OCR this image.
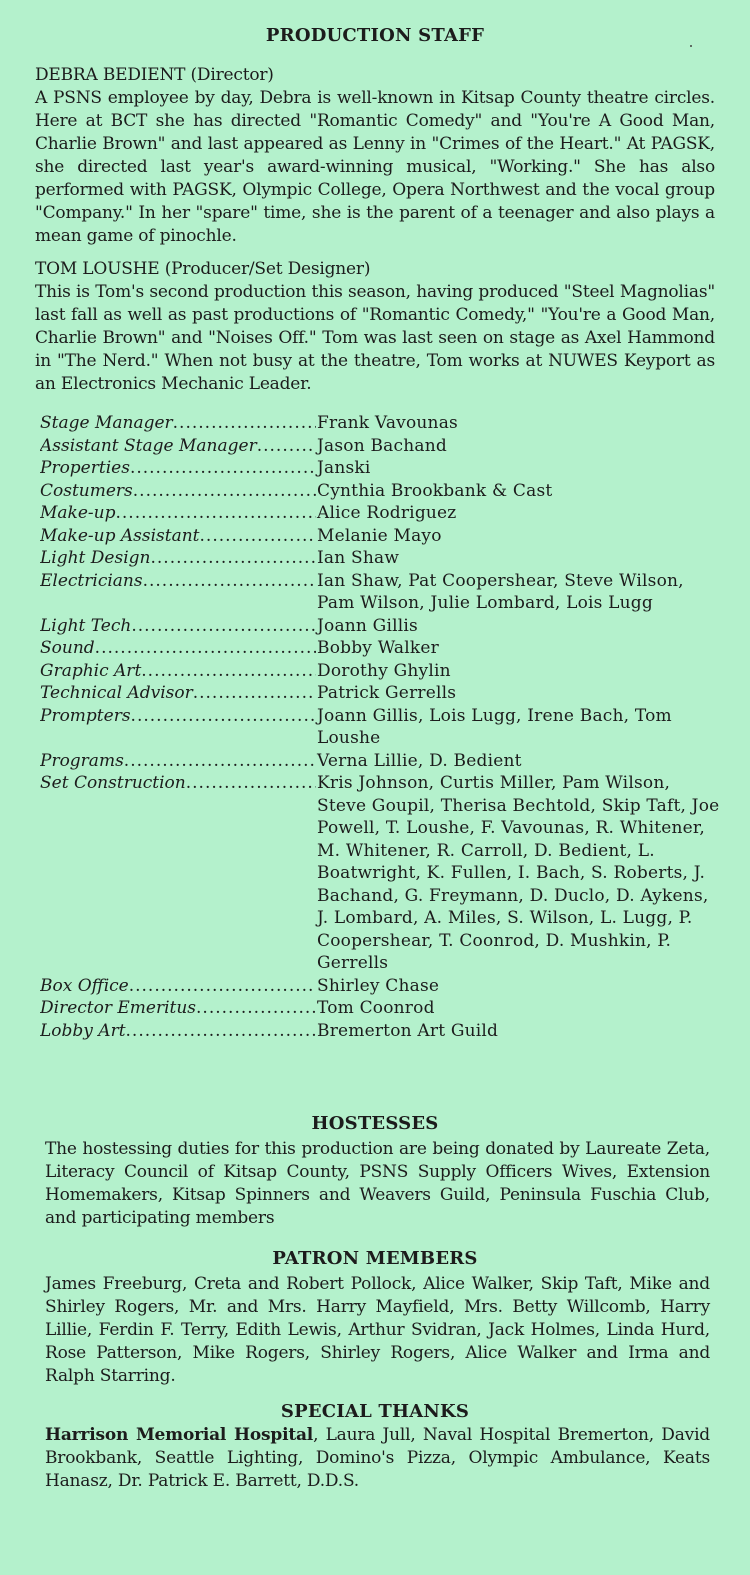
PRODUCTION STAFF

DEBRA BEDIENT (Director)

A PSNS employee by day, Debra is well-known in Kitsap County theatre circles. Here at BCT she has directed "Romantic Comedy" and "You're A Good Man, Charlie Brown" and last appeared as Lenny in "Crimes of the Heart." At PAGSK, she directed last year's award-winning musical, "Working." She has also performed with PAGSK, Olympic College, Opera Northwest and the vocal group "Company." In her "spare" time, she is the parent of a teenager and also plays a mean game of pinochle.

TOM LOUSHE (Producer/Set Designer)

This is Tom's second production this season, having produced "Steel Magnolias" last fall as well as past productions of "Romantic Comedy," "You're a Good Man, Charlie Brown" and "Noises Off." Tom was last seen on stage as Axel Hammond in "The Nerd." When not busy at the theatre, Tom works at NUWES Keyport as an Electronics Mechanic Leader.

Stage Manager .....	Frank Vavounas
Assistant Stage Manager .....	Jason Bachand
Properties .....	Janski
Costumers .....	Cynthia Brookbank & Cast
Make-up .....	Alice Rodriguez
Make-up Assistant .....	Melanie Mayo
Light Design .....	Ian Shaw
Electricians .....	Ian Shaw, Pat Coopershear, Steve Wilson, Pam Wilson, Julie Lombard, Lois Lugg
Light Tech .....	Joann Gillis
Sound .....	Bobby Walker
Graphic Art .....	Dorothy Ghylin
Technical Advisor .....	Patrick Gerrells
Prompters .....	Joann Gillis, Lois Lugg, Irene Bach, Tom Loushe
Programs .....	Verna Lillie, D. Bedient
Set Construction .....	Kris Johnson, Curtis Miller, Pam Wilson, Steve Goupil, Therisa Bechtold, Skip Taft, Joe Powell, T. Loushe, F. Vavounas, R. Whitener, M. Whitener, R. Carroll, D. Bedient, L. Boatwright, K. Fullen, I. Bach, S. Roberts, J. Bachand, G. Freymann, D. Duclo, D. Aykens, J. Lombard, A. Miles, S. Wilson, L. Lugg, P. Coopershear, T. Coonrod, D. Mushkin, P. Gerrells
Box Office .....	Shirley Chase
Director Emeritus .....	Tom Coonrod
Lobby Art .....	Bremerton Art Guild
HOSTESSES

The hostessing duties for this production are being donated by Laureate Zeta, Literacy Council of Kitsap County, PSNS Supply Officers Wives, Extension Homemakers, Kitsap Spinners and Weavers Guild, Peninsula Fuschia Club, and participating members

PATRON MEMBERS

James Freeburg, Creta and Robert Pollock, Alice Walker, Skip Taft, Mike and Shirley Rogers, Mr. and Mrs. Harry Mayfield, Mrs. Betty Willcomb, Harry Lillie, Ferdin F. Terry, Edith Lewis, Arthur Svidran, Jack Holmes, Linda Hurd, Rose Patterson, Mike Rogers, Shirley Rogers, Alice Walker and Irma and Ralph Starring.

SPECIAL THANKS

Harrison Memorial Hospital, Laura Jull, Naval Hospital Bremerton, David Brookbank, Seattle Lighting, Domino's Pizza, Olympic Ambulance, Keats Hanasz, Dr. Patrick E. Barrett, D.D.S.
